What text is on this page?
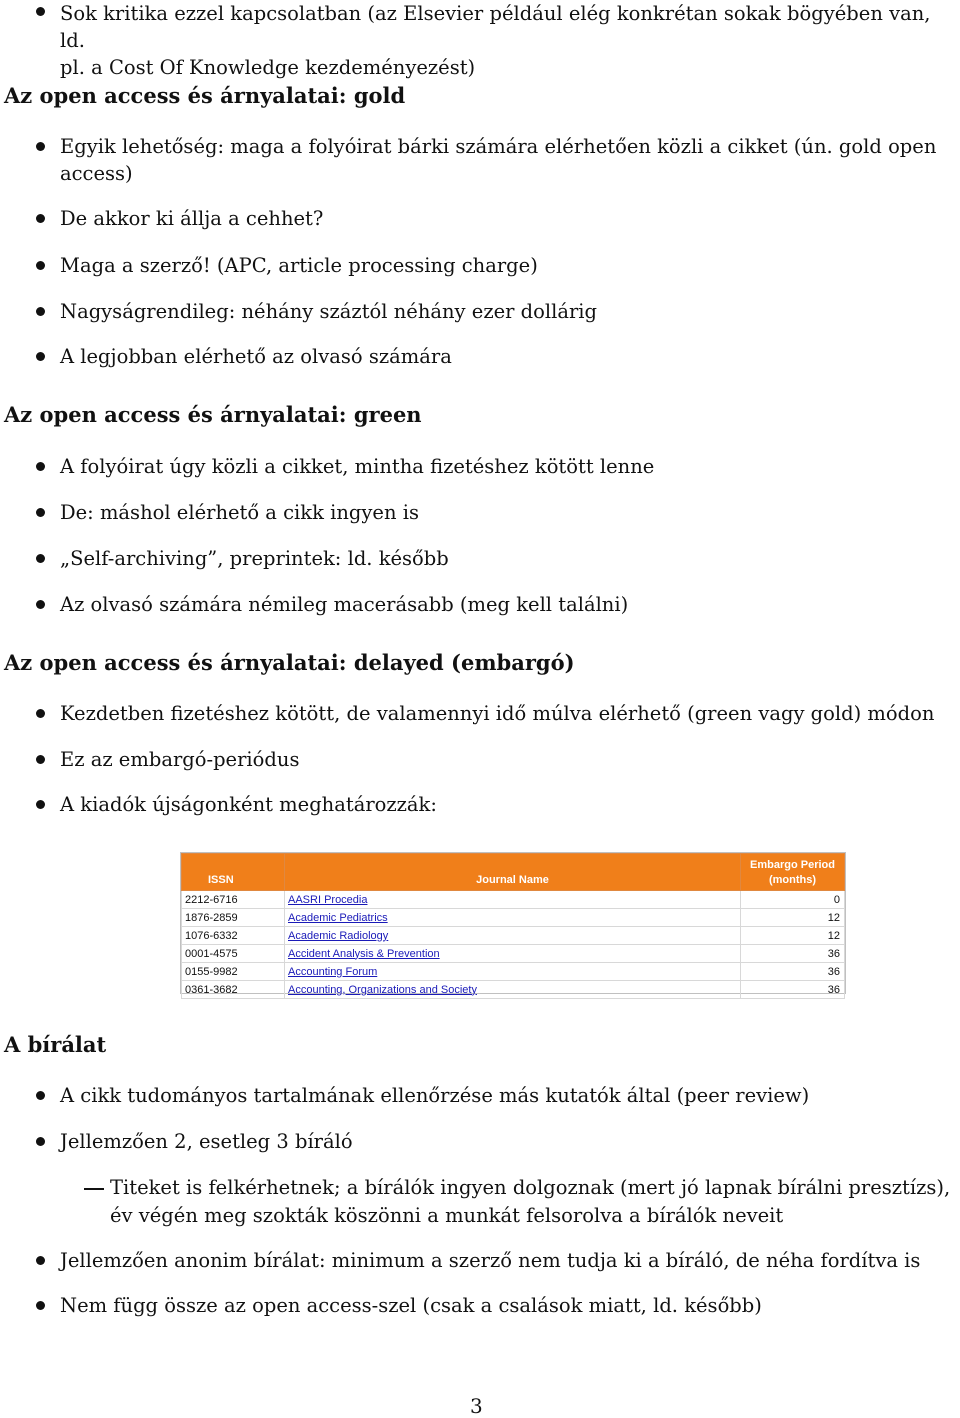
Sok kritika ezzel kapcsolatban (az Elsevier például elég konkrétan sokak bögyében van, ld.
pl. a Cost Of Knowledge kezdeményezést)
Az open access és árnyalatai: gold
Egyik lehetőség: maga a folyóirat bárki számára elérhetően közli a cikket (ún. gold open
access)
De akkor ki állja a cehhet?
Maga a szerző! (APC, article processing charge)
Nagyságrendileg: néhány száztól néhány ezer dollárig
A legjobban elérhető az olvasó számára
Az open access és árnyalatai: green
A folyóirat úgy közli a cikket, mintha fizetéshez kötött lenne
De: máshol elérhető a cikk ingyen is
„Self-archiving”, preprintek: ld. később
Az olvasó számára némileg macerásabb (meg kell találni)
Az open access és árnyalatai: delayed (embargó)
Kezdetben fizetéshez kötött, de valamennyi idő múlva elérhető (green vagy gold) módon
Ez az embargó-periódus
A kiadók újságonként meghatározzák:
ISSN	Journal Name	Embargo Period
(months)

2212-6716	AASRI Procedia	0
1876-2859	Academic Pediatrics	12
1076-6332	Academic Radiology	12
0001-4575	Accident Analysis & Prevention	36
0155-9982	Accounting Forum	36
0361-3682	Accounting, Organizations and Society	36
A bírálat
A cikk tudományos tartalmának ellenőrzése más kutatók által (peer review)
Jellemzően 2, esetleg 3 bíráló
Titeket is felkérhetnek; a bírálók ingyen dolgoznak (mert jó lapnak bírálni presztízs),
év végén meg szokták köszönni a munkát felsorolva a bírálók neveit
Jellemzően anonim bírálat: minimum a szerző nem tudja ki a bíráló, de néha fordítva is
Nem függ össze az open access-szel (csak a csalások miatt, ld. később)
3
